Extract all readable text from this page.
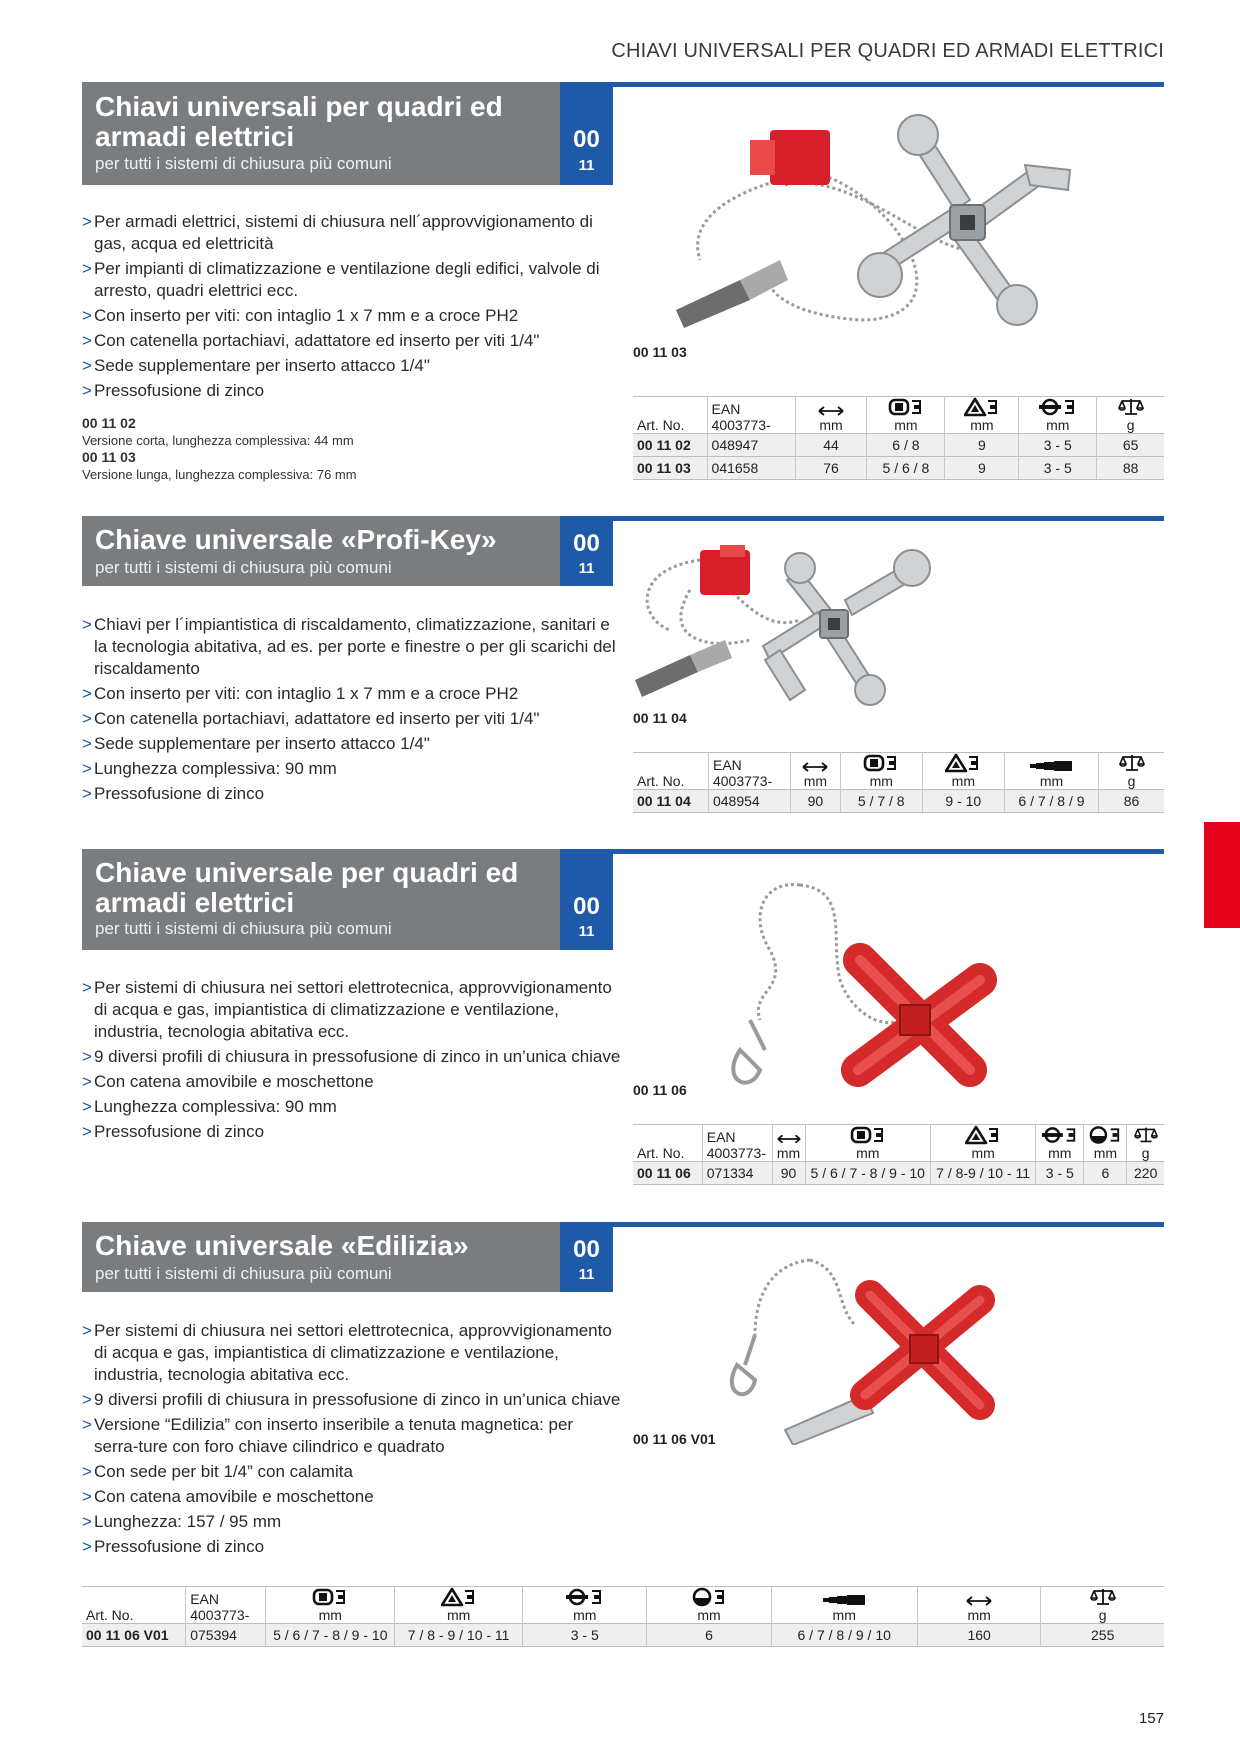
CHIAVI UNIVERSALI PER QUADRI ED ARMADI ELETTRICI
Chiavi universali per quadri ed
armadi elettrici
per tutti i sistemi di chiusura più comuni
00
11
> Per armadi elettrici, sistemi di chiusura nell´approvvigionamento di gas, acqua ed elettricità
> Per impianti di climatizzazione e ventilazione degli edifici, valvole di arresto, quadri elettrici ecc.
> Con inserto per viti: con intaglio 1 x 7 mm e a croce PH2
> Con catenella portachiavi, adattatore ed inserto per viti 1/4"
> Sede supplementare per inserto attacco 1/4"
> Pressofusione di zinco
00 11 02
Versione corta, lunghezza complessiva: 44 mm
00 11 03
Versione lunga, lunghezza complessiva: 76 mm
00 11 03
	EAN	

Art. No.	4003773-	mm	mm	mm	mm	g
00 11 02	048947	44	6 / 8	9	3 - 5	65
00 11 03	041658	76	5 / 6 / 8	9	3 - 5	88
Chiave universale «Profi-Key»
per tutti i sistemi di chiusura più comuni
00
11
> Chiavi per l´impiantistica di riscaldamento, climatizzazione, sanitari e la tecnologia abitativa, ad es. per porte e finestre o per gli scarichi del riscaldamento
> Con inserto per viti: con intaglio 1 x 7 mm e a croce PH2
> Con catenella portachiavi, adattatore ed inserto per viti 1/4"
> Sede supplementare per inserto attacco 1/4"
> Lunghezza complessiva: 90 mm
> Pressofusione di zinco
00 11 04
	EAN	

Art. No.	4003773-	mm	mm	mm	mm	g
00 11 04	048954	90	5 / 7 / 8	9 - 10	6 / 7 / 8 / 9	86
Chiave universale per quadri ed
armadi elettrici
per tutti i sistemi di chiusura più comuni
00
11
> Per sistemi di chiusura nei settori elettrotecnica, approvvigionamento di acqua e gas, impiantistica di climatizzazione e ventilazione, industria, tecnologia abitativa ecc.
> 9 diversi profili di chiusura in pressofusione di zinco in un’unica chiave
> Con catena amovibile e moschettone
> Lunghezza complessiva: 90 mm
> Pressofusione di zinco
00 11 06
	EAN	

Art. No.	4003773-	mm	mm	mm	mm	mm	g
00 11 06	071334	90	5 / 6 / 7 - 8 / 9 - 10	7 / 8-9 / 10 - 11	3 - 5	6	220
Chiave universale «Edilizia»
per tutti i sistemi di chiusura più comuni
00
11
> Per sistemi di chiusura nei settori elettrotecnica, approvvigionamento di acqua e gas, impiantistica di climatizzazione e ventilazione, industria, tecnologia abitativa ecc.
> 9 diversi profili di chiusura in pressofusione di zinco in un’unica chiave
> Versione “Edilizia” con inserto inseribile a tenuta magnetica: per serra-ture con foro chiave cilindrico e quadrato
> Con sede per bit 1/4” con calamita
> Con catena amovibile e moschettone
> Lunghezza: 157 / 95 mm
> Pressofusione di zinco
00 11 06 V01
	EAN	

Art. No.	4003773-	mm	mm	mm	mm	mm	mm	g
00 11 06 V01	075394	5 / 6 / 7 - 8 / 9 - 10	7 / 8 - 9 / 10 - 11	3 - 5	6	6 / 7 / 8 / 9 / 10	160	255
157
